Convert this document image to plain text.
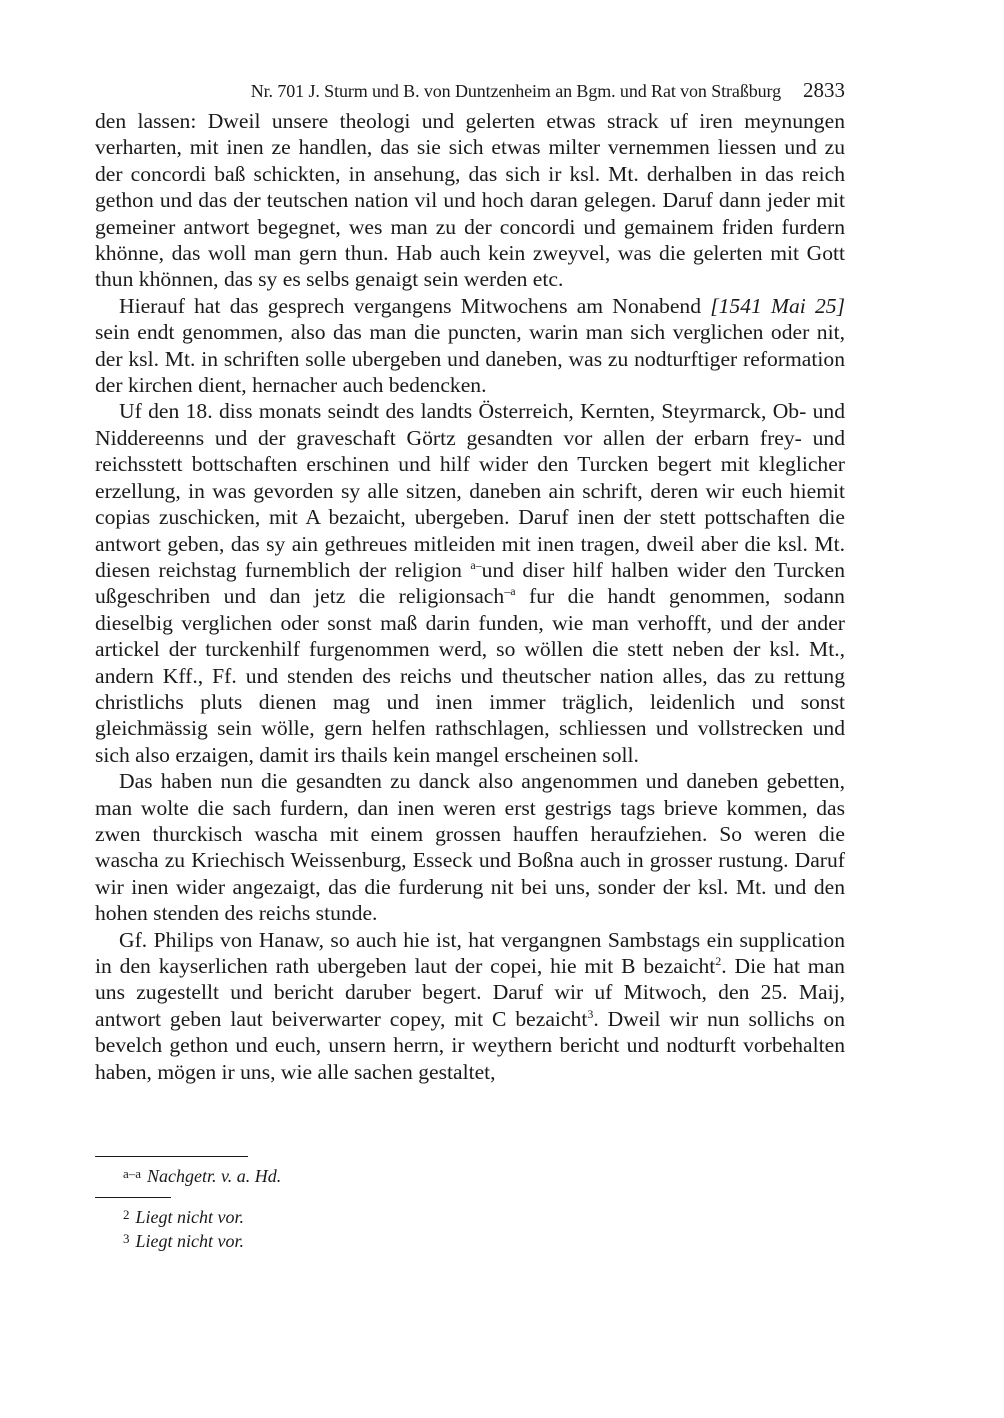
Nr. 701 J. Sturm und B. von Duntzenheim an Bgm. und Rat von Straßburg 2833

den lassen: Dweil unsere theologi und gelerten etwas strack uf iren meynungen verharten, mit inen ze handlen, das sie sich etwas milter vernemmen liessen und zu der concordi baß schickten, in ansehung, das sich ir ksl. Mt. derhalben in das reich gethon und das der teutschen nation vil und hoch daran gelegen. Daruf dann jeder mit gemeiner antwort begegnet, wes man zu der concordi und gemainem friden furdern khönne, das woll man gern thun. Hab auch kein zweyvel, was die gelerten mit Gott thun khönnen, das sy es selbs genaigt sein werden etc.

Hierauf hat das gesprech vergangens Mitwochens am Nonabend [1541 Mai 25] sein endt genommen, also das man die puncten, warin man sich verglichen oder nit, der ksl. Mt. in schriften solle ubergeben und daneben, was zu nodturftiger reformation der kirchen dient, hernacher auch bedencken.

Uf den 18. diss monats seindt des landts Österreich, Kernten, Steyrmarck, Ob- und Niddereenns und der graveschaft Görtz gesandten vor allen der erbarn frey- und reichsstett bottschaften erschinen und hilf wider den Turcken begert mit kleglicher erzellung, in was gevorden sy alle sitzen, daneben ain schrift, deren wir euch hiemit copias zuschicken, mit A bezaicht, ubergeben. Daruf inen der stett pottschaften die antwort geben, das sy ain gethreues mitleiden mit inen tragen, dweil aber die ksl. Mt. diesen reichstag furnemblich der religion $^{a-}$und diser hilf halben wider den Turcken ußgeschriben und dan jetz die religionsach$^{-a}$ fur die handt genommen, sodann dieselbig verglichen oder sonst maß darin funden, wie man verhofft, und der ander artickel der turckenhilf furgenommen werd, so wöllen die stett neben der ksl. Mt., andern Kff., Ff. und stenden des reichs und theutscher nation alles, das zu rettung christlichs pluts dienen mag und inen immer träglich, leidenlich und sonst gleichmässig sein wölle, gern helfen rathschlagen, schliessen und vollstrecken und sich also erzaigen, damit irs thails kein mangel erscheinen soll.

Das haben nun die gesandten zu danck also angenommen und daneben gebetten, man wolte die sach furdern, dan inen weren erst gestrigs tags brieve kommen, das zwen thurckisch wascha mit einem grossen hauffen heraufziehen. So weren die wascha zu Kriechisch Weissenburg, Esseck und Boßna auch in grosser rustung. Daruf wir inen wider angezaigt, das die furderung nit bei uns, sonder der ksl. Mt. und den hohen stenden des reichs stunde.

Gf. Philips von Hanaw, so auch hie ist, hat vergangnen Sambstags ein supplication in den kayserlichen rath ubergeben laut der copei, hie mit B bezaicht$^2$. Die hat man uns zugestellt und bericht daruber begert. Daruf wir uf Mitwoch, den 25. Maij, antwort geben laut beiverwarter copey, mit C bezaicht$^3$. Dweil wir nun sollichs on bevelch gethon und euch, unsern herrn, ir weythern bericht und nodturft vorbehalten haben, mögen ir uns, wie alle sachen gestaltet,

$^{a-a}$ Nachgetr. v. a. Hd.
$^2$ Liegt nicht vor.
$^3$ Liegt nicht vor.
